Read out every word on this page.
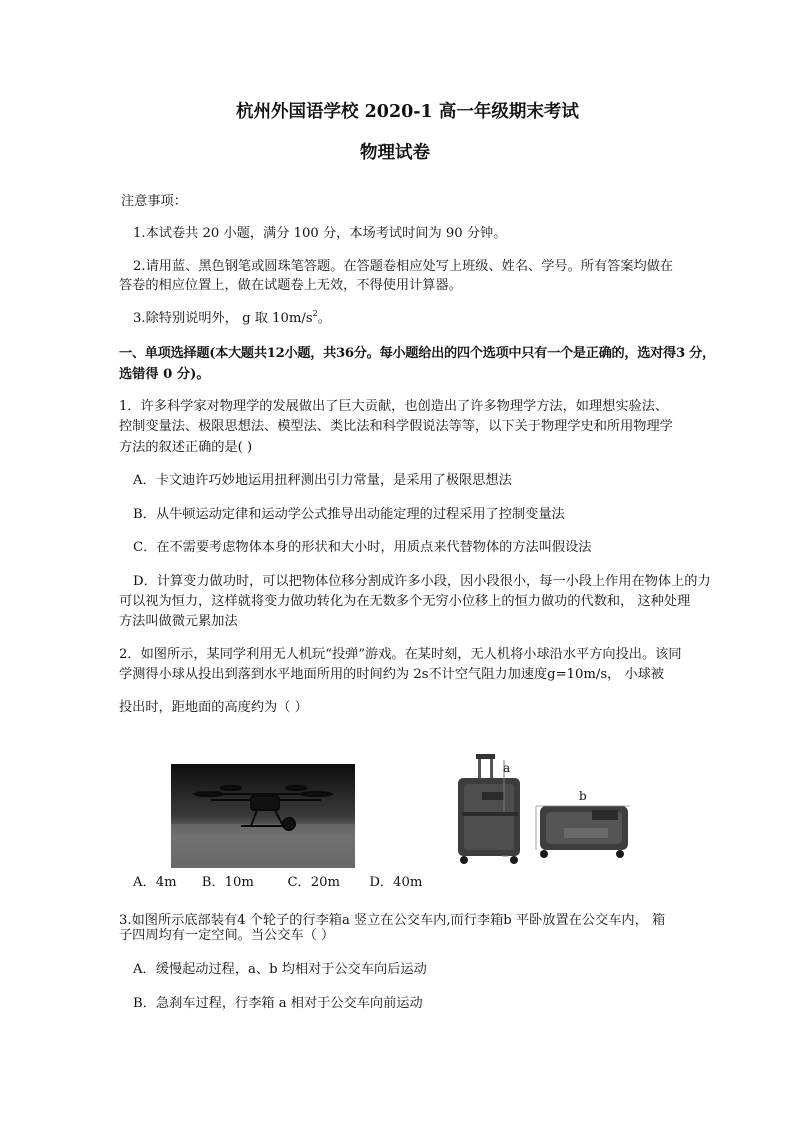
杭州外国语学校 2020-1 高一年级期末考试
物理试卷
注意事项：
1.本试卷共 20 小题，满分 100 分，本场考试时间为 90 分钟。
2.请用蓝、黑色钢笔或圆珠笔答题。在答题卷相应处写上班级、姓名、学号。所有答案均做在
答卷的相应位置上，做在试题卷上无效，不得使用计算器。
3.除特别说明外， g 取 $10m/s^2$。
一、单项选择题(本大题共12小题，共36分。每小题给出的四个选项中只有一个是正确的，选对得3 分，
选错得 0 分)。
1．许多科学家对物理学的发展做出了巨大贡献，也创造出了许多物理学方法，如理想实验法、
控制变量法、极限思想法、模型法、类比法和科学假说法等等，以下关于物理学史和所用物理学
方法的叙述正确的是( )
A．卡文迪许巧妙地运用扭秤测出引力常量，是采用了极限思想法
B．从牛顿运动定律和运动学公式推导出动能定理的过程采用了控制变量法
C．在不需要考虑物体本身的形状和大小时，用质点来代替物体的方法叫假设法
D．计算变力做功时，可以把物体位移分割成许多小段，因小段很小，每一小段上作用在物体上的力
可以视为恒力，这样就将变力做功转化为在无数多个无穷小位移上的恒力做功的代数和， 这种处理
方法叫做微元累加法
2．如图所示，某同学利用无人机玩“投弹”游戏。在某时刻，无人机将小球沿水平方向投出。该同
学测得小球从投出到落到水平地面所用的时间约为 2s不计空气阻力加速度g=10m/s， 小球被
投出时，距地面的高度约为（ ）
A．4m      B．10m        C．20m       D．40m
a
b
3.如图所示底部装有4 个轮子的行李箱a 竖立在公交车内,而行李箱b 平卧放置在公交车内， 箱
子四周均有一定空间。当公交车（ ）
A．缓慢起动过程，a、b 均相对于公交车向后运动
B．急刹车过程，行李箱 a 相对于公交车向前运动
